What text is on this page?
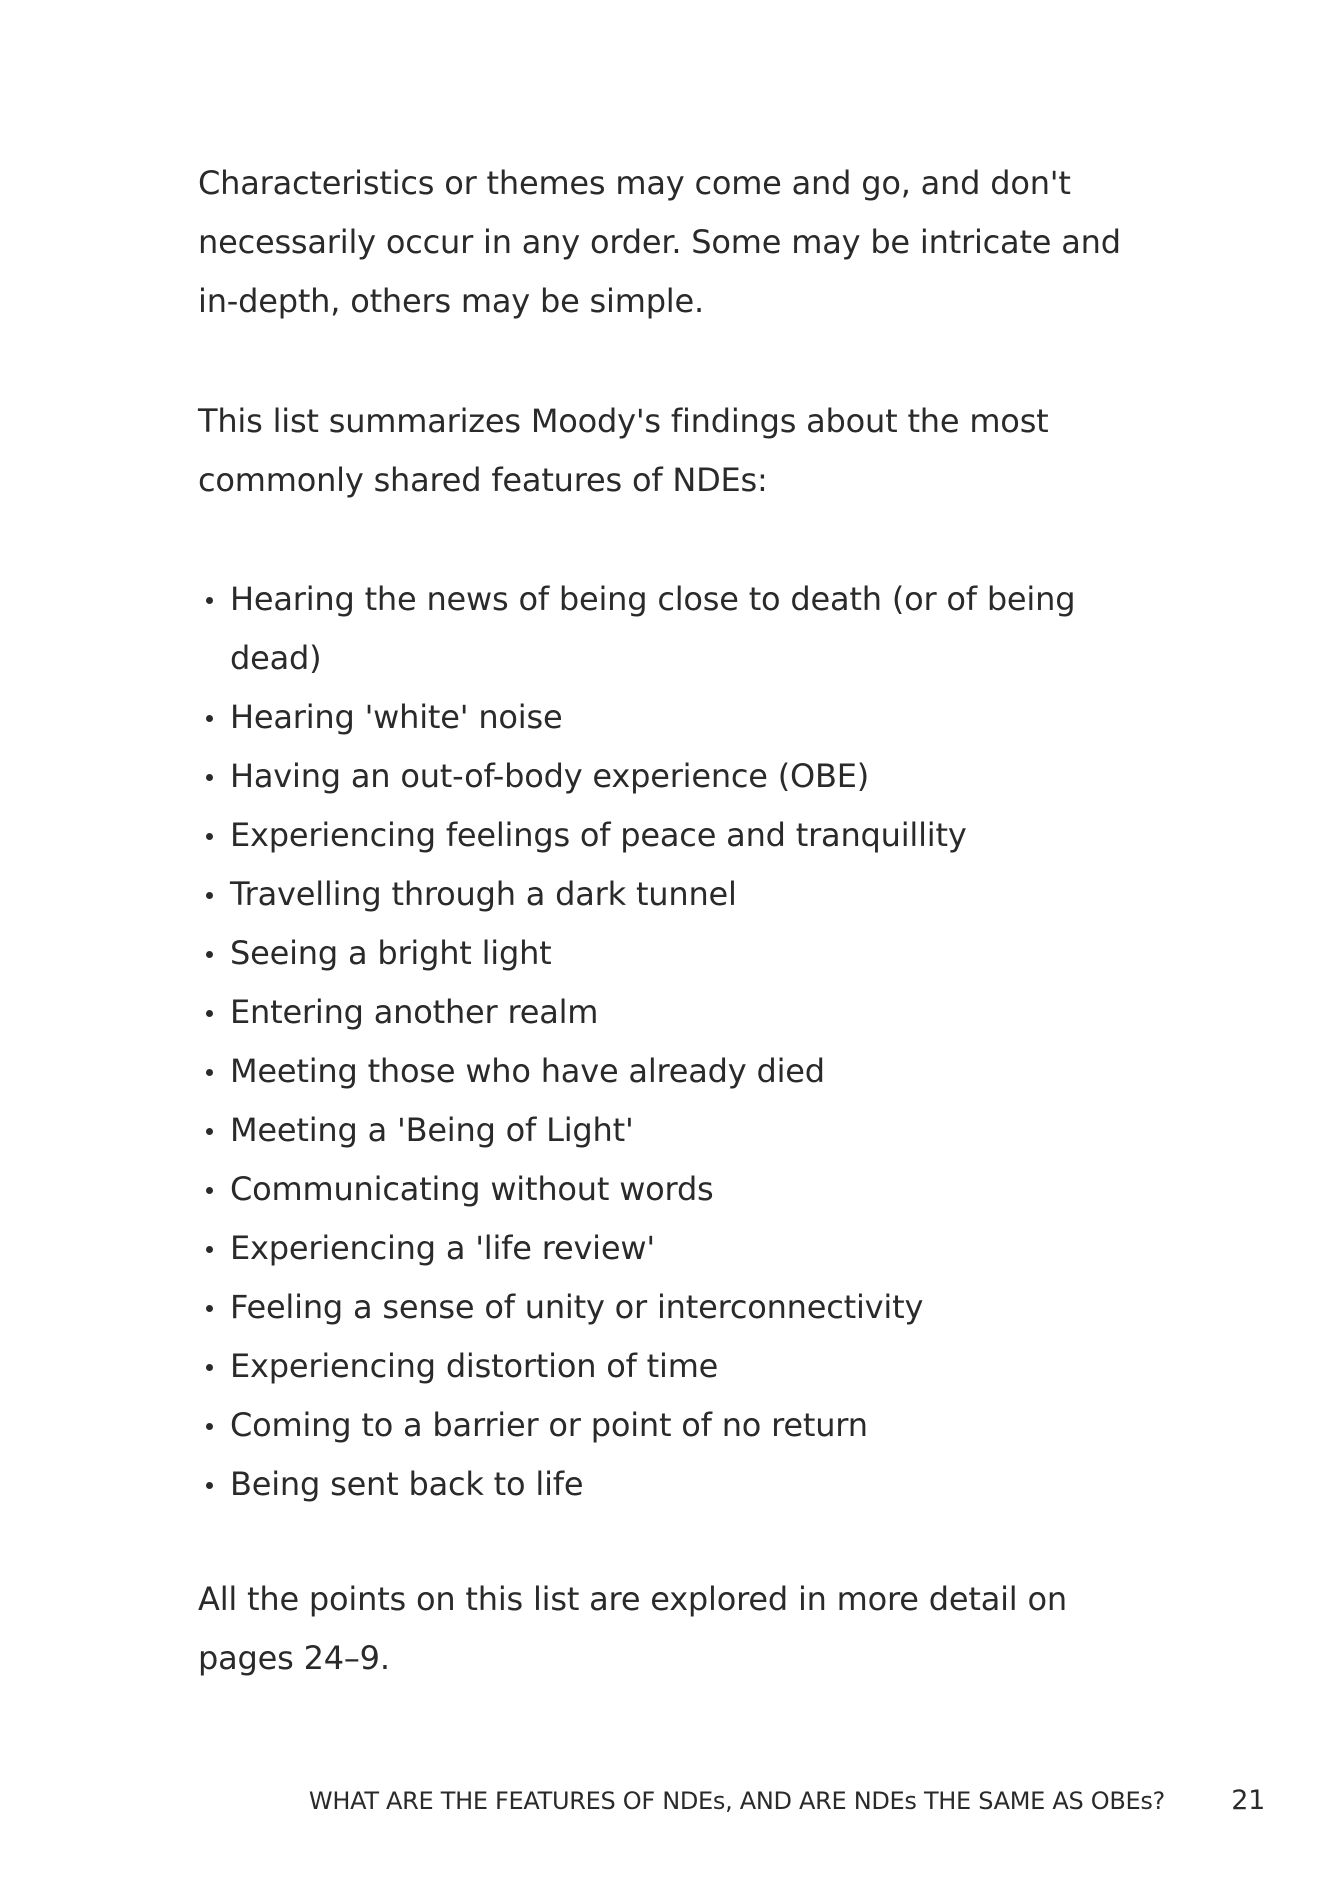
Characteristics or themes may come and go, and don't necessarily occur in any order. Some may be intricate and in-depth, others may be simple.

This list summarizes Moody's findings about the most commonly shared features of NDEs:

Hearing the news of being close to death (or of being dead)
Hearing 'white' noise
Having an out-of-body experience (OBE)
Experiencing feelings of peace and tranquillity
Travelling through a dark tunnel
Seeing a bright light
Entering another realm
Meeting those who have already died
Meeting a 'Being of Light'
Communicating without words
Experiencing a 'life review'
Feeling a sense of unity or interconnectivity
Experiencing distortion of time
Coming to a barrier or point of no return
Being sent back to life

All the points on this list are explored in more detail on pages 24–9.

WHAT ARE THE FEATURES OF NDEs, AND ARE NDEs THE SAME AS OBEs? 21
